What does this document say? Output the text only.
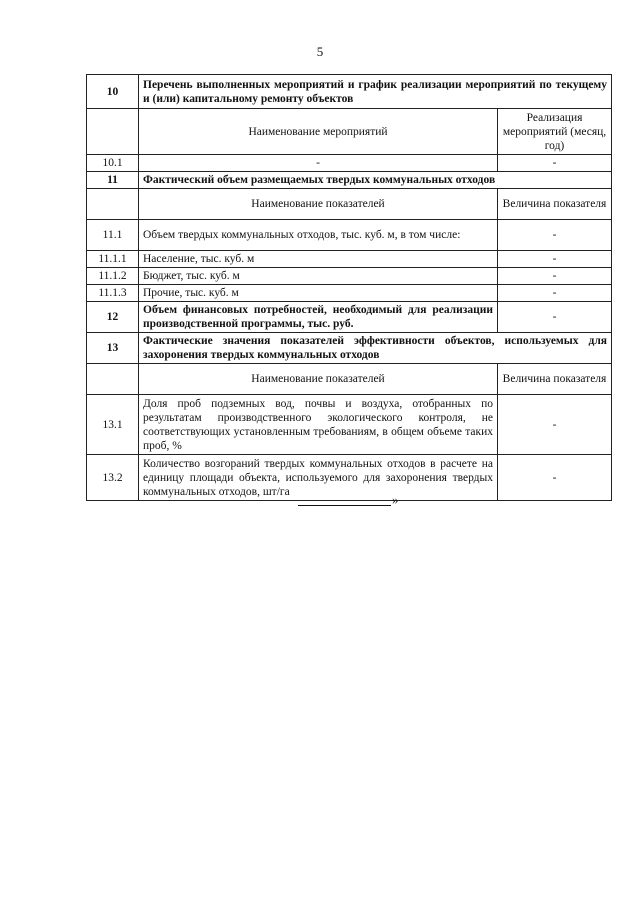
5
10	Перечень выполненных мероприятий и график реализации мероприятий по текущему и (или) капитальному ремонту объектов	
	Наименование мероприятий	Реализация мероприятий (месяц, год)
10.1	-	-
11	Фактический объем размещаемых твердых коммунальных отходов	
	Наименование показателей	Величина показателя
11.1	Объем твердых коммунальных отходов, тыс. куб. м, в том числе:	-
11.1.1	Население, тыс. куб. м	-
11.1.2	Бюджет, тыс. куб. м	-
11.1.3	Прочие, тыс. куб. м	-
12	Объем финансовых потребностей, необходимый для реализации производственной программы, тыс. руб.	-
13	Фактические значения показателей эффективности объектов, используемых для захоронения твердых коммунальных отходов	
	Наименование показателей	Величина показателя
13.1	Доля проб подземных вод, почвы и воздуха, отобранных по результатам производственного экологического контроля, не соответствующих установленным требованиям, в общем объеме таких проб, %	-
13.2	Количество возгораний твердых коммунальных отходов в расчете на единицу площади объекта, используемого для захоронения твердых коммунальных отходов, шт/га	-
»
